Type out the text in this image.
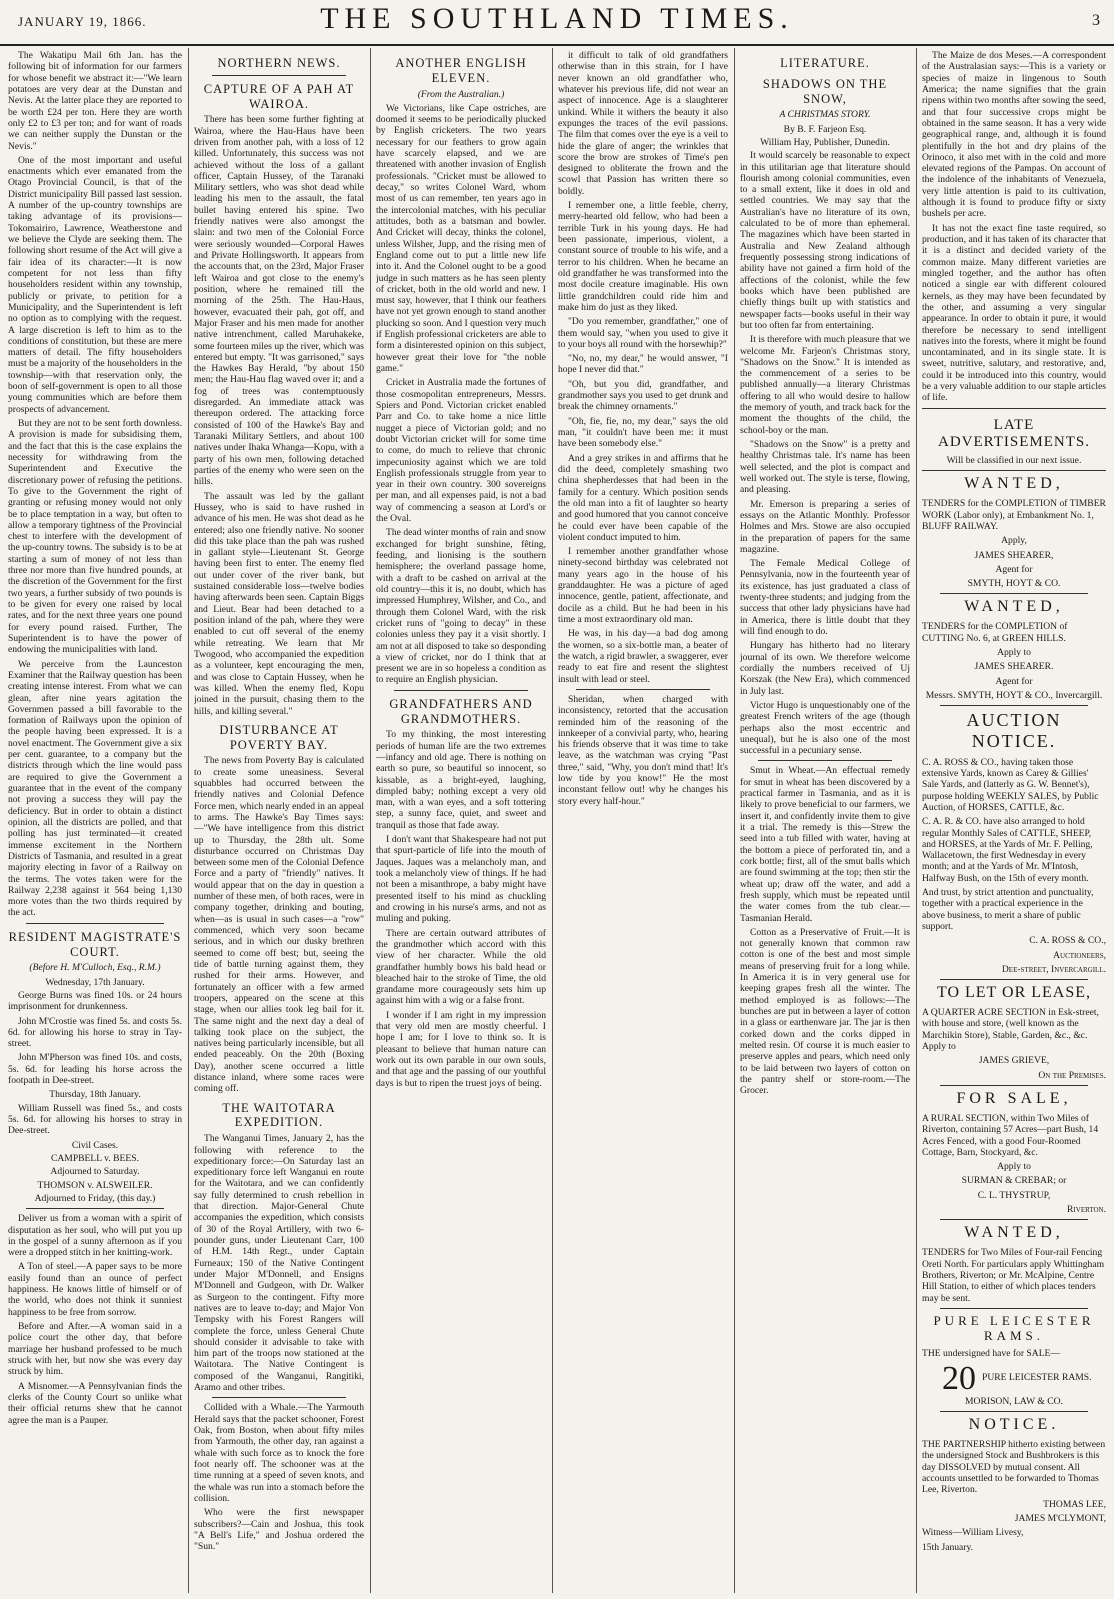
JANUARY 19, 1866.	THE SOUTHLAND TIMES.	3

The Wakatipu Mail 6th Jan. has the following bit of information for our farmers for whose benefit we abstract it:—"We learn potatoes are very dear at the Dunstan and Nevis. At the latter place they are reported to be worth £24 per ton. Here they are worth only £2 to £3 per ton; and for want of roads we can neither supply the Dunstan or the Nevis."

One of the most important and useful enactments which ever emanated from the Otago Provincial Council, is that of the District municipality Bill passed last session. A number of the up-country townships are taking advantage of its provisions—Tokomairiro, Lawrence, Weatherstone and we believe the Clyde are seeking them. The following short resume of the Act will give a fair idea of its character:—It is now competent for not less than fifty householders resident within any township, publicly or private, to petition for a Municipality, and the Superintendent is left no option as to complying with the request. A large discretion is left to him as to the conditions of constitution, but these are mere matters of detail. The fifty householders must be a majority of the householders in the township—with that reservation only, the boon of self-government is open to all those young communities which are before them prospects of advancement.

But they are not to be sent forth downless. A provision is made for subsidising them, and the fact that this is the case explains the necessity for withdrawing from the Superintendent and Executive the discretionary power of refusing the petitions. To give to the Government the right of granting or refusing money would not only be to place temptation in a way, but often to allow a temporary tightness of the Provincial chest to interfere with the development of the up-country towns. The subsidy is to be at starting a sum of money of not less than three nor more than five hundred pounds, at the discretion of the Government for the first two years, a further subsidy of two pounds is to be given for every one raised by local rates, and for the next three years one pound for every pound raised. Further, The Superintendent is to have the power of endowing the municipalities with land.

We perceive from the Launceston Examiner that the Railway question has been creating intense interest. From what we can glean, after nine years agitation the Governmen passed a bill favorable to the formation of Railways upon the opinion of the people having been expressed. It is a novel enactment. The Government give a six per cent. guarantee, to a company but the districts through which the line would pass are required to give the Government a guarantee that in the event of the company not proving a success they will pay the deficiency. But in order to obtain a distinct opinion, all the districts are polled, and that polling has just terminated—it created immense excitement in the Northern Districts of Tasmania, and resulted in a great majority electing in favor of a Railway on the terms. The votes taken were for the Railway 2,238 against it 564 being 1,130 more votes than the two thirds required by the act.

RESIDENT MAGISTRATE'S COURT.

(Before H. M'Culloch, Esq., R.M.)

Wednesday, 17th January.

George Burns was fined 10s. or 24 hours imprisonment for drunkenness.

John M'Crostie was fined 5s. and costs 5s. 6d. for allowing his horse to stray in Tay-street.

John M'Pherson was fined 10s. and costs, 5s. 6d. for leading his horse across the footpath in Dee-street.

Thursday, 18th January.

William Russell was fined 5s., and costs 5s. 6d. for allowing his horses to stray in Dee-street.

Civil Cases.

CAMPBELL v. BEES.

Adjourned to Saturday.

THOMSON v. ALSWEILER.

Adjourned to Friday, (this day.)

Deliver us from a woman with a spirit of disputation as her soul, who will put you up in the gospel of a sunny afternoon as if you were a dropped stitch in her knitting-work.

A Ton of steel.—A paper says to be more easily found than an ounce of perfect happiness. He knows little of himself or of the world, who does not think it sunniest happiness to be free from sorrow.

Before and After.—A woman said in a police court the other day, that before marriage her husband professed to be much struck with her, but now she was every day struck by him.

A Misnomer.—A Pennsylvanian finds the clerks of the County Court so unlike what their official returns shew that he cannot agree the man is a Pauper.

NORTHERN NEWS.

CAPTURE OF A PAH AT WAIROA.

There has been some further fighting at Wairoa, where the Hau-Haus have been driven from another pah, with a loss of 12 killed. Unfortunately, this success was not achieved without the loss of a gallant officer, Captain Hussey, of the Taranaki Military settlers, who was shot dead while leading his men to the assault, the fatal bullet having entered his spine. Two friendly natives were also amongst the slain: and two men of the Colonial Force were seriously wounded—Corporal Hawes and Private Hollingsworth. It appears from the accounts that, on the 23rd, Major Fraser left Wairoa and got close to the enemy's position, where he remained till the morning of the 25th. The Hau-Haus, however, evacuated their pah, got off, and Major Fraser and his men made for another native intrenchment, called Maruhakeke, some fourteen miles up the river, which was entered but empty. "It was garrisoned," says the Hawkes Bay Herald, "by about 150 men; the Hau-Hau flag waved over it; and a fog of trees was contemptuously disregarded. An immediate attack was thereupon ordered. The attacking force consisted of 100 of the Hawke's Bay and Taranaki Military Settlers, and about 100 natives under Ihaka Whanga—Kopu, with a party of his own men, following detached parties of the enemy who were seen on the hills.

The assault was led by the gallant Hussey, who is said to have rushed in advance of his men. He was shot dead as he entered; also one friendly native. No sooner did this take place than the pah was rushed in gallant style—Lieutenant St. George having been first to enter. The enemy fled out under cover of the river bank, but sustained considerable loss—twelve bodies having afterwards been seen. Captain Biggs and Lieut. Bear had been detached to a position inland of the pah, where they were enabled to cut off several of the enemy while retreating. We learn that Mr Twogood, who accompanied the expedition as a volunteer, kept encouraging the men, and was close to Captain Hussey, when he was killed. When the enemy fled, Kopu joined in the pursuit, chasing them to the hills, and killing several."

DISTURBANCE AT POVERTY BAY.

The news from Poverty Bay is calculated to create some uneasiness. Several squabbles had occurred between the friendly natives and Colonial Defence Force men, which nearly ended in an appeal to arms. The Hawke's Bay Times says:—"We have intelligence from this district up to Thursday, the 28th ult. Some disturbance occurred on Christmas Day between some men of the Colonial Defence Force and a party of "friendly" natives. It would appear that on the day in question a number of these men, of both races, were in company together, drinking and bouting, when—as is usual in such cases—a "row" commenced, which very soon became serious, and in which our dusky brethren seemed to come off best; but, seeing the tide of battle turning against them, they rushed for their arms. However, and fortunately an officer with a few armed troopers, appeared on the scene at this stage, when our allies took leg bail for it. The same night and the next day a deal of talking took place on the subject, the natives being particularly incensible, but all ended peaceably. On the 20th (Boxing Day), another scene occurred a little distance inland, where some races were coming off.

THE WAITOTARA EXPEDITION.

The Wanganui Times, January 2, has the following with reference to the expeditionary force:—On Saturday last an expeditionary force left Wanganui en route for the Waitotara, and we can confidently say fully determined to crush rebellion in that direction. Major-General Chute accompanies the expedition, which consists of 30 of the Royal Artillery, with two 6-pounder guns, under Lieutenant Carr, 100 of H.M. 14th Regt., under Captain Furneaux; 150 of the Native Contingent under Major M'Donnell, and Ensigns M'Donnell and Gudgeon, with Dr. Walker as Surgeon to the contingent. Fifty more natives are to leave to-day; and Major Von Tempsky with his Forest Rangers will complete the force, unless General Chute should consider it advisable to take with him part of the troops now stationed at the Waitotara. The Native Contingent is composed of the Wanganui, Rangitiki, Aramo and other tribes.

Collided with a Whale.—The Yarmouth Herald says that the packet schooner, Forest Oak, from Boston, when about fifty miles from Yarmouth, the other day, ran against a whale with such force as to knock the fore foot nearly off. The schooner was at the time running at a speed of seven knots, and the whale was run into a stomach before the collision.

Who were the first newspaper subscribers?—Cain and Joshua, this took "A Bell's Life," and Joshua ordered the "Sun."

ANOTHER ENGLISH ELEVEN.

(From the Australian.)

We Victorians, like Cape ostriches, are doomed it seems to be periodically plucked by English cricketers. The two years necessary for our feathers to grow again have scarcely elapsed, and we are threatened with another invasion of English professionals. "Cricket must be allowed to decay," so writes Colonel Ward, whom most of us can remember, ten years ago in the intercolonial matches, with his peculiar attitudes, both as a batsman and bowler. And Cricket will decay, thinks the colonel, unless Wilsher, Jupp, and the rising men of England come out to put a little new life into it. And the Colonel ought to be a good judge in such matters as he has seen plenty of cricket, both in the old world and new. I must say, however, that I think our feathers have not yet grown enough to stand another plucking so soon. And I question very much if English professional cricketers are able to form a disinterested opinion on this subject, however great their love for "the noble game."

Cricket in Australia made the fortunes of those cosmopolitan entrepreneurs, Messrs. Spiers and Pond. Victorian cricket enabled Parr and Co. to take home a nice little nugget a piece of Victorian gold; and no doubt Victorian cricket will for some time to come, do much to relieve that chronic impecuniosity against which we are told English professionals struggle from year to year in their own country. 300 sovereigns per man, and all expenses paid, is not a bad way of commencing a season at Lord's or the Oval.

The dead winter months of rain and snow exchanged for bright sunshine, fêting, feeding, and lionising is the southern hemisphere; the overland passage home, with a draft to be cashed on arrival at the old country—this it is, no doubt, which has impressed Humphrey, Wilsher, and Co., and through them Colonel Ward, with the risk cricket runs of "going to decay" in these colonies unless they pay it a visit shortly. I am not at all disposed to take so desponding a view of cricket, nor do I think that at present we are in so hopeless a condition as to require an English physician.

GRANDFATHERS AND GRANDMOTHERS.

To my thinking, the most interesting periods of human life are the two extremes—infancy and old age. There is nothing on earth so pure, so beautiful so innocent, so kissable, as a bright-eyed, laughing, dimpled baby; nothing except a very old man, with a wan eyes, and a soft tottering step, a sunny face, quiet, and sweet and tranquil as those that fade away.

I don't want that Shakespeare had not put that spurt-particle of life into the mouth of Jaques. Jaques was a melancholy man, and took a melancholy view of things. If he had not been a misanthrope, a baby might have presented itself to his mind as chuckling and crowing in his nurse's arms, and not as muling and puking.

There are certain outward attributes of the grandmother which accord with this view of her character. While the old grandfather humbly bows his bald head or bleached hair to the stroke of Time, the old grandame more courageously sets him up against him with a wig or a false front.

I wonder if I am right in my impression that very old men are mostly cheerful. I hope I am; for I love to think so. It is pleasant to believe that human nature can work out its own parable in our own souls, and that age and the passing of our youthful days is but to ripen the truest joys of being.

it difficult to talk of old grandfathers otherwise than in this strain, for I have never known an old grandfather who, whatever his previous life, did not wear an aspect of innocence. Age is a slaughterer unkind. While it withers the beauty it also expunges the traces of the evil passions. The film that comes over the eye is a veil to hide the glare of anger; the wrinkles that score the brow are strokes of Time's pen designed to obliterate the frown and the scowl that Passion has written there so boldly.

I remember one, a little feeble, cherry, merry-hearted old fellow, who had been a terrible Turk in his young days. He had been passionate, imperious, violent, a constant source of trouble to his wife, and a terror to his children. When he became an old grandfather he was transformed into the most docile creature imaginable. His own little grandchildren could ride him and make him do just as they liked.

"Do you remember, grandfather," one of them would say, "when you used to give it to your boys all round with the horsewhip?"

"No, no, my dear," he would answer, "I hope I never did that."

"Oh, but you did, grandfather, and grandmother says you used to get drunk and break the chimney ornaments."

"Oh, fie, fie, no, my dear," says the old man, "it couldn't have been me: it must have been somebody else."

And a grey strikes in and affirms that he did the deed, completely smashing two china shepherdesses that had been in the family for a century. Which position sends the old man into a fit of laughter so hearty and good humored that you cannot conceive he could ever have been capable of the violent conduct imputed to him.

I remember another grandfather whose ninety-second birthday was celebrated not many years ago in the house of his granddaughter. He was a picture of aged innocence, gentle, patient, affectionate, and docile as a child. But he had been in his time a most extraordinary old man.

He was, in his day—a bad dog among the women, so a six-bottle man, a beater of the watch, a rigid brawler, a swaggerer, ever ready to eat fire and resent the slightest insult with lead or steel.

Sheridan, when charged with inconsistency, retorted that the accusation reminded him of the reasoning of the innkeeper of a convivial party, who, hearing his friends observe that it was time to take leave, as the watchman was crying "Past three," said, "Why, you don't mind that! It's low tide by you know!" He the most inconstant fellow out! why he changes his story every half-hour."

LITERATURE.

SHADOWS ON THE SNOW,

A CHRISTMAS STORY.

By B. F. Farjeon Esq.

William Hay, Publisher, Dunedin.

It would scarcely be reasonable to expect in this utilitarian age that literature should flourish among colonial communities, even to a small extent, like it does in old and settled countries. We may say that the Australian's have no literature of its own, calculated to be of more than ephemeral. The magazines which have been started in Australia and New Zealand although frequently possessing strong indications of ability have not gained a firm hold of the affections of the colonist, while the few books which have been published are chiefly things built up with statistics and newspaper facts—books useful in their way but too often far from entertaining.

It is therefore with much pleasure that we welcome Mr. Farjeon's Christmas story, "Shadows on the Snow." It is intended as the commencement of a series to be published annually—a literary Christmas offering to all who would desire to hallow the memory of youth, and track back for the moment the thoughts of the child, the school-boy or the man.

"Shadows on the Snow" is a pretty and healthy Christmas tale. It's name has been well selected, and the plot is compact and well worked out. The style is terse, flowing, and pleasing.

Mr. Emerson is preparing a series of essays on the Atlantic Monthly. Professor Holmes and Mrs. Stowe are also occupied in the preparation of papers for the same magazine.

The Female Medical College of Pennsylvania, now in the fourteenth year of its existence, has just graduated a class of twenty-three students; and judging from the success that other lady physicians have had in America, there is little doubt that they will find enough to do.

Hungary has hitherto had no literary journal of its own. We therefore welcome cordially the numbers received of Uj Korszak (the New Era), which commenced in July last.

Victor Hugo is unquestionably one of the greatest French writers of the age (though perhaps also the most eccentric and unequal), but he is also one of the most successful in a pecuniary sense.

Smut in Wheat.—An effectual remedy for smut in wheat has been discovered by a practical farmer in Tasmania, and as it is likely to prove beneficial to our farmers, we insert it, and confidently invite them to give it a trial. The remedy is this—Strew the seed into a tub filled with water, having at the bottom a piece of perforated tin, and a cork bottle; first, all of the smut balls which are found swimming at the top; then stir the wheat up; draw off the water, and add a fresh supply, which must be repeated until the water comes from the tub clear.—Tasmanian Herald.

Cotton as a Preservative of Fruit.—It is not generally known that common raw cotton is one of the best and most simple means of preserving fruit for a long while. In America it is in very general use for keeping grapes fresh all the winter. The method employed is as follows:—The bunches are put in between a layer of cotton in a glass or earthenware jar. The jar is then corked down and the corks dipped in melted resin. Of course it is much easier to preserve apples and pears, which need only to be laid between two layers of cotton on the pantry shelf or store-room.—The Grocer.

The Maize de dos Meses.—A correspondent of the Australasian says:—This is a variety or species of maize in lingenous to South America; the name signifies that the grain ripens within two months after sowing the seed, and that four successive crops might be obtained in the same season. It has a very wide geographical range, and, although it is found plentifully in the hot and dry plains of the Orinoco, it also met with in the cold and more elevated regions of the Pampas. On account of the indolence of the inhabitants of Venezuela, very little attention is paid to its cultivation, although it is found to produce fifty or sixty bushels per acre.

It has not the exact fine taste required, so production, and it has taken of its character that it is a distinct and decided variety of the common maize. Many different varieties are mingled together, and the author has often noticed a single ear with different coloured kernels, as they may have been fecundated by the other, and assuming a very singular appearance. In order to obtain it pure, it would therefore be necessary to send intelligent natives into the forests, where it might be found uncontaminated, and in its single state. It is sweet, nutritive, salutary, and restorative, and, could it be introduced into this country, would be a very valuable addition to our staple articles of life.

LATE ADVERTISEMENTS.

Will be classified in our next issue.

WANTED,

TENDERS for the COMPLETION of TIMBER WORK (Labor only), at Embankment No. 1, BLUFF RAILWAY.

Apply,

JAMES SHEARER,

Agent for

SMYTH, HOYT & CO.

WANTED,

TENDERS for the COMPLETION of CUTTING No. 6, at GREEN HILLS.

Apply to

JAMES SHEARER.

Agent for

Messrs. SMYTH, HOYT & CO., Invercargill.

AUCTION NOTICE.

C. A. ROSS & CO., having taken those extensive Yards, known as Carey & Gillies' Sale Yards, and (latterly as G. W. Bennet's), purpose holding WEEKLY SALES, by Public Auction, of HORSES, CATTLE, &c.

C. A. R. & CO. have also arranged to hold regular Monthly Sales of CATTLE, SHEEP, and HORSES, at the Yards of Mr. F. Pelling, Wallacetown, the first Wednesday in every month; and at the Yards of Mr. M'Intosh, Halfway Bush, on the 15th of every month.

And trust, by strict attention and punctuality, together with a practical experience in the above business, to merit a share of public support.

C. A. ROSS & CO.,

Auctioneers,

Dee-street, Invercargill.

TO LET OR LEASE,

A QUARTER ACRE SECTION in Esk-street, with house and store, (well known as the Marchikin Store), Stable, Garden, &c., &c. Apply to

JAMES GRIEVE,

On the Premises.

FOR SALE,

A RURAL SECTION, within Two Miles of Riverton, containing 57 Acres—part Bush, 14 Acres Fenced, with a good Four-Roomed Cottage, Barn, Stockyard, &c.

Apply to

SURMAN & CREBAR; or

C. L. THYSTRUP,

Riverton.

WANTED,

TENDERS for Two Miles of Four-rail Fencing Oreti North. For particulars apply Whittingham Brothers, Riverton; or Mr. McAlpine, Centre Hill Station, to either of which places tenders may be sent.

PURE LEICESTER RAMS.

THE undersigned have for SALE—

20 PURE LEICESTER RAMS.

MORISON, LAW & CO.

NOTICE.

THE PARTNERSHIP hitherto existing between the undersigned Stock and Bushbrokers is this day DISSOLVED by mutual consent. All accounts unsettled to be forwarded to Thomas Lee, Riverton.

THOMAS LEE,

JAMES M'CLYMONT,

Witness—William Livesy,

15th January.
